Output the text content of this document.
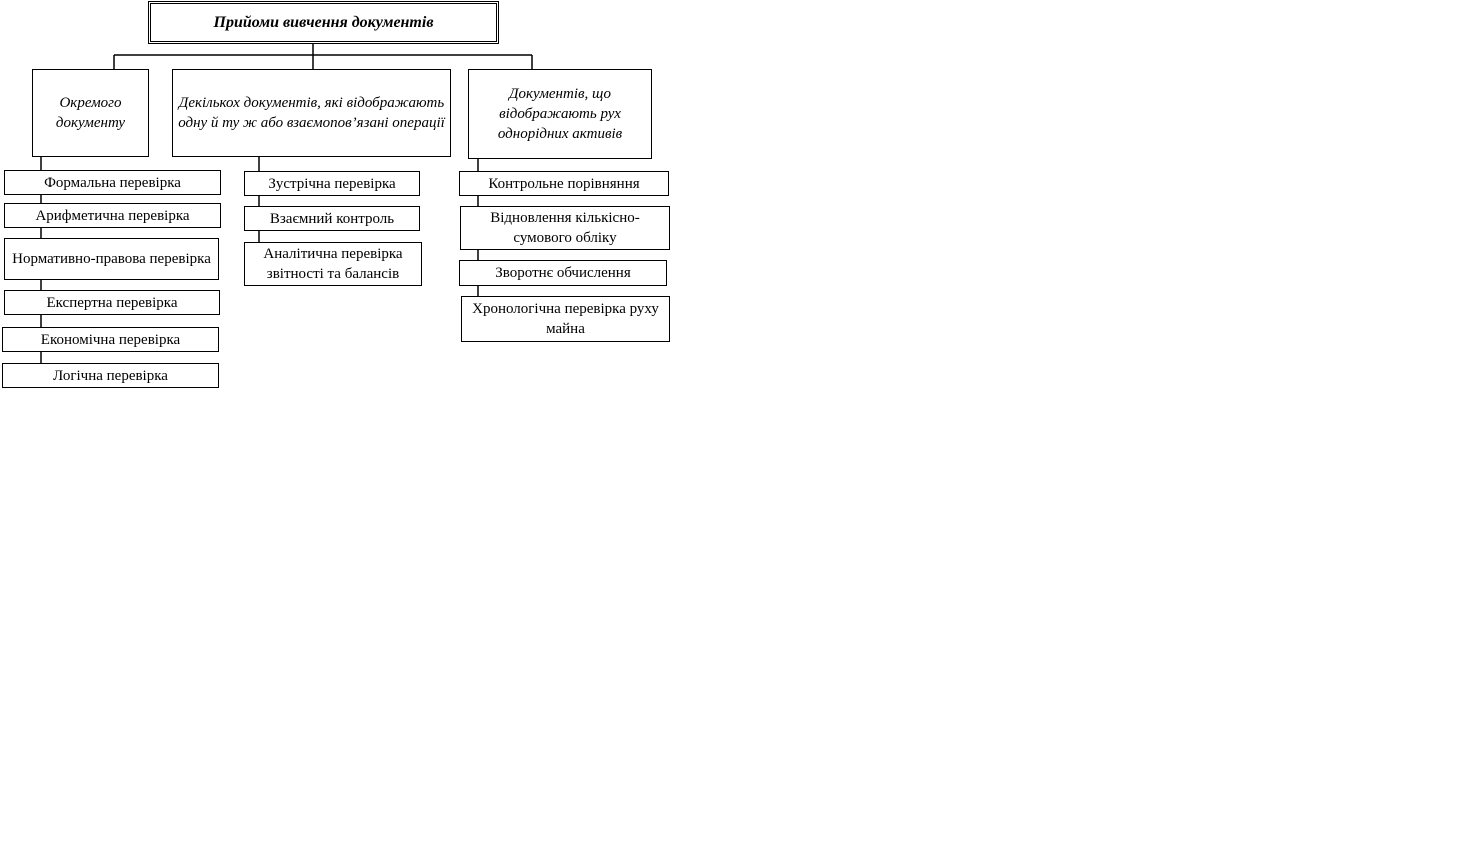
Прийоми вивчення документів
Окремого документу
Декількох документів, які відображають одну й ту ж або взаємопов’язані операції
Документів, що відображають рух однорідних активів
Формальна перевірка
Арифметична перевірка
Нормативно-правова перевірка
Експертна перевірка
Економічна перевірка
Логічна перевірка
Зустрічна перевірка
Взаємний контроль
Аналітична перевірка звітності та балансів
Контрольне порівняння
Відновлення кількісно-сумового обліку
Зворотнє обчислення
Хронологічна перевірка руху майна
